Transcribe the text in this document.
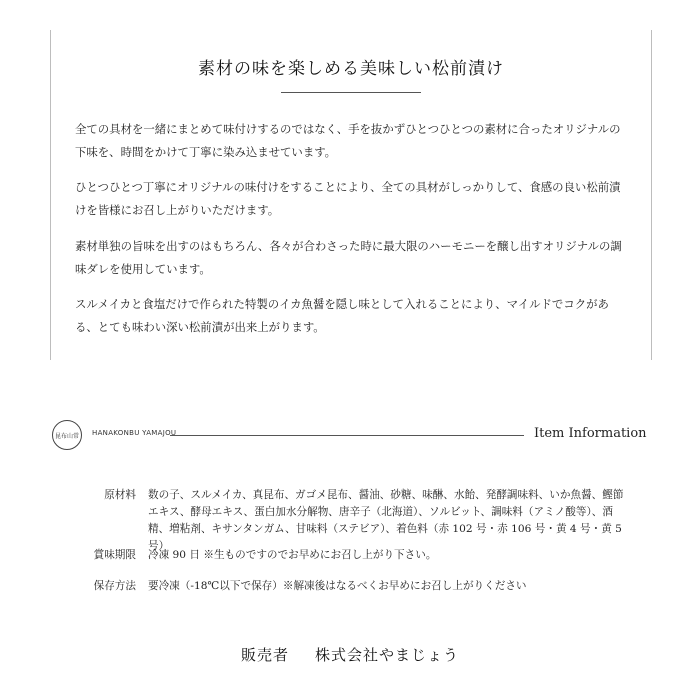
素材の味を楽しめる美味しい松前漬け

全ての具材を一緒にまとめて味付けするのではなく、手を抜かずひとつひとつの素材に合ったオリジナルの下味を、時間をかけて丁寧に染み込ませています。

ひとつひとつ丁寧にオリジナルの味付けをすることにより、全ての具材がしっかりして、食感の良い松前漬けを皆様にお召し上がりいただけます。

素材単独の旨味を出すのはもちろん、各々が合わさった時に最大限のハーモニーを醸し出すオリジナルの調味ダレを使用しています。

スルメイカと食塩だけで作られた特製のイカ魚醤を隠し味として入れることにより、マイルドでコクがある、とても味わい深い松前漬が出来上がります。

昆布山常 HANAKONBU YAMAJOU	Item Information
原材料 数の子、スルメイカ、真昆布、ガゴメ昆布、醤油、砂糖、味醂、水飴、発酵調味料、いか魚醤、鰹節エキス、酵母エキス、蛋白加水分解物、唐辛子（北海道）、ソルビット、調味料（アミノ酸等）、酒精、増粘剤、キサンタンガム、甘味料（ステビア）、着色料（赤 102 号・赤 106 号・黄 4 号・黄 5 号）
賞味期限 冷凍 90 日 ※生ものですのでお早めにお召し上がり下さい。
保存方法 要冷凍（-18℃以下で保存）※解凍後はなるべくお早めにお召し上がりください
販売者 株式会社やまじょう
